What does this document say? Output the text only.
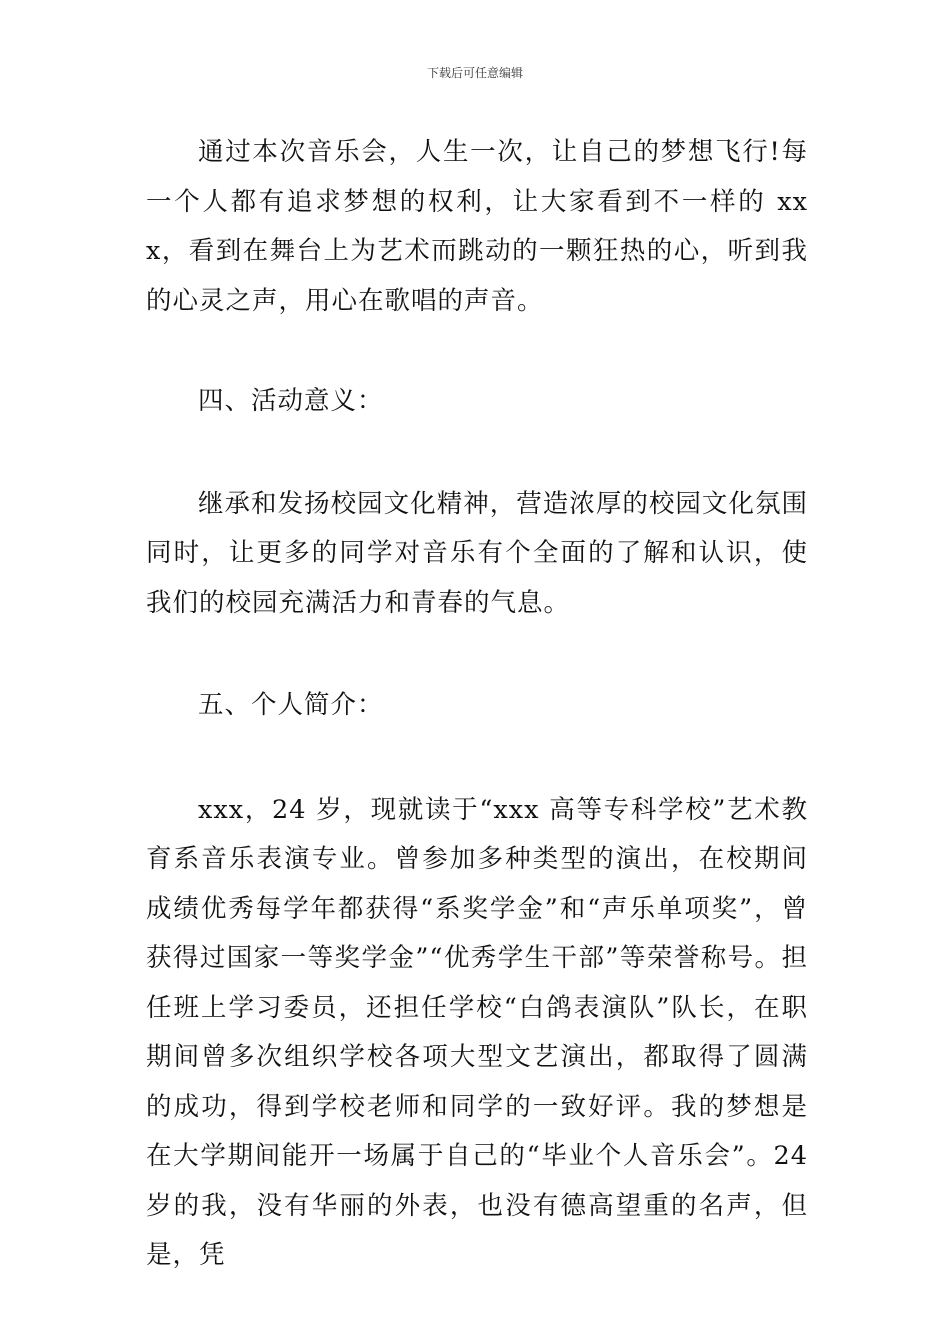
下载后可任意编辑

通过本次音乐会，人生一次，让自己的梦想飞行!每一个人都有追求梦想的权利，让大家看到不一样的 xxx，看到在舞台上为艺术而跳动的一颗狂热的心，听到我的心灵之声，用心在歌唱的声音。

四、活动意义：

继承和发扬校园文化精神，营造浓厚的校园文化氛围同时，让更多的同学对音乐有个全面的了解和认识，使我们的校园充满活力和青春的气息。

五、个人简介：

xxx，24 岁，现就读于“xxx 高等专科学校”艺术教育系音乐表演专业。曾参加多种类型的演出，在校期间成绩优秀每学年都获得“系奖学金”和“声乐单项奖”，曾获得过国家一等奖学金”“优秀学生干部”等荣誉称号。担任班上学习委员，还担任学校“白鸽表演队”队长，在职期间曾多次组织学校各项大型文艺演出，都取得了圆满的成功，得到学校老师和同学的一致好评。我的梦想是在大学期间能开一场属于自己的“毕业个人音乐会”。24 岁的我，没有华丽的外表，也没有德高望重的名声，但是，凭
